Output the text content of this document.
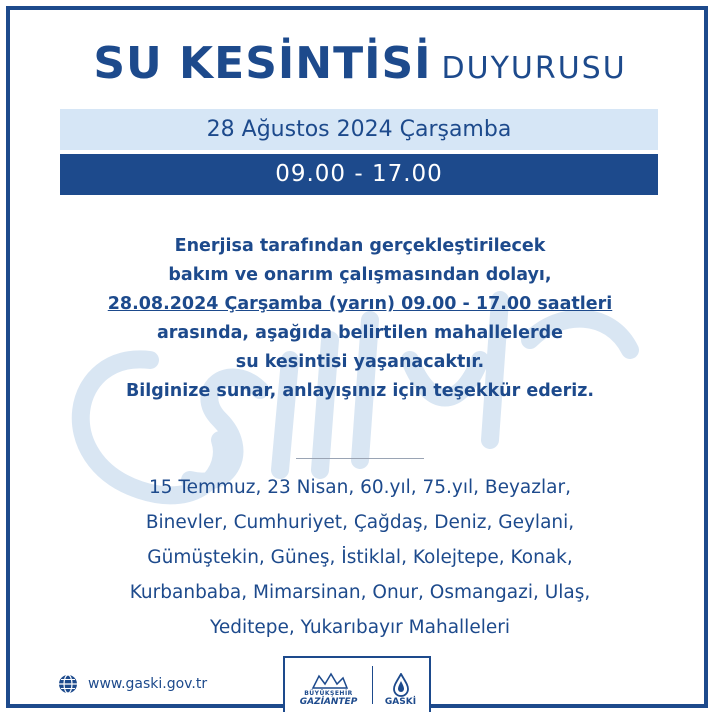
SU KESİNTİSİ DUYURUSU
28 Ağustos 2024 Çarşamba
09.00 - 17.00
Enerjisa tarafından gerçekleştirilecek
bakım ve onarım çalışmasından dolayı,
28.08.2024 Çarşamba (yarın) 09.00 - 17.00 saatleri
arasında, aşağıda belirtilen mahallelerde
su kesintisi yaşanacaktır.
Bilginize sunar, anlayışınız için teşekkür ederiz.
15 Temmuz, 23 Nisan, 60.yıl, 75.yıl, Beyazlar,
Binevler, Cumhuriyet, Çağdaş, Deniz, Geylani,
Gümüştekin, Güneş, İstiklal, Kolejtepe, Konak,
Kurbanbaba, Mimarsinan, Onur, Osmangazi, Ulaş,
Yeditepe, Yukarıbayır Mahalleleri
www.gaski.gov.tr
BÜYÜKŞEHİR
GAZİANTEP	GASKİ
